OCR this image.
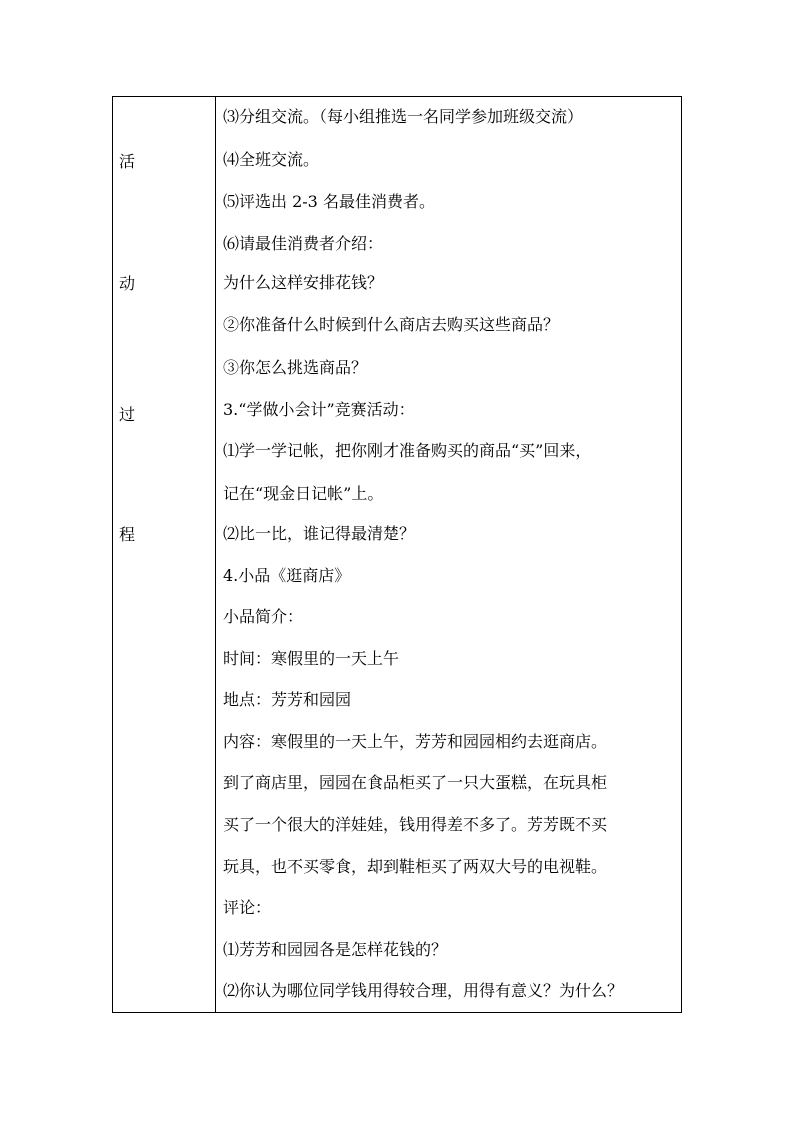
活
动
过
程
⑶分组交流。（每小组推选一名同学参加班级交流）
⑷全班交流。
⑸评选出 2-3 名最佳消费者。
⑹请最佳消费者介绍：
为什么这样安排花钱？
②你准备什么时候到什么商店去购买这些商品？
③你怎么挑选商品？
3.“学做小会计”竞赛活动：
⑴学一学记帐，把你刚才准备购买的商品“买”回来，
记在“现金日记帐”上。
⑵比一比，谁记得最清楚？
4.小品《逛商店》
小品简介：
时间：寒假里的一天上午
地点：芳芳和园园
内容：寒假里的一天上午，芳芳和园园相约去逛商店。
到了商店里，园园在食品柜买了一只大蛋糕，在玩具柜
买了一个很大的洋娃娃，钱用得差不多了。芳芳既不买
玩具，也不买零食，却到鞋柜买了两双大号的电视鞋。
评论：
⑴芳芳和园园各是怎样花钱的？
⑵你认为哪位同学钱用得较合理，用得有意义？为什么？
